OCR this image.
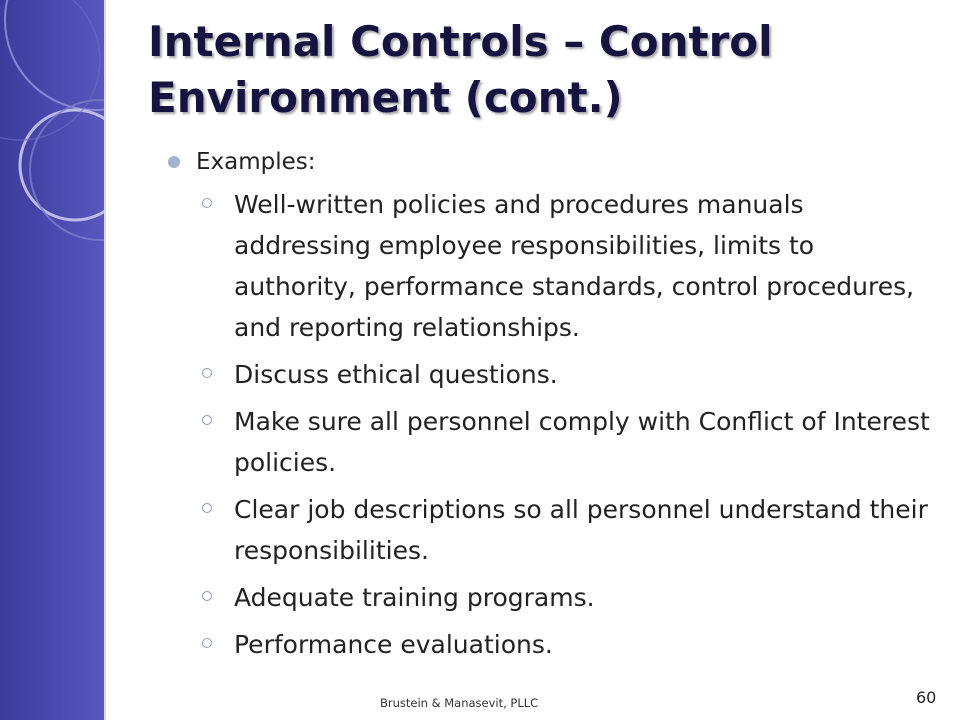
Internal Controls – Control Environment (cont.)
Examples:
Well-written policies and procedures manuals addressing employee responsibilities, limits to authority, performance standards, control procedures, and reporting relationships.
Discuss ethical questions.
Make sure all personnel comply with Conflict of Interest policies.
Clear job descriptions so all personnel understand their responsibilities.
Adequate training programs.
Performance evaluations.
Brustein & Manasevit, PLLC	60
